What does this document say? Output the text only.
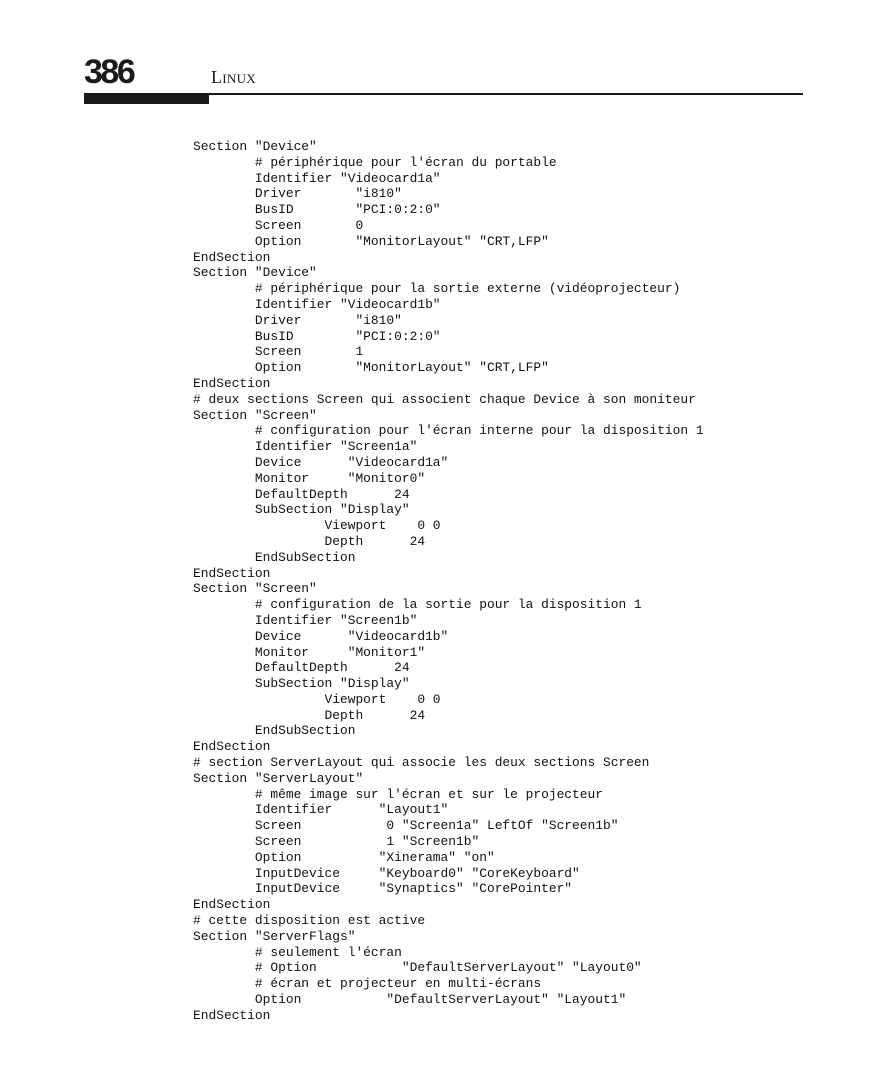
386	Linux
Section "Device"
# périphérique pour l'écran du portable
Identifier "Videocard1a"
Driver       "i810"
BusID        "PCI:0:2:0"
Screen       0
Option       "MonitorLayout" "CRT,LFP"
EndSection
Section "Device"
# périphérique pour la sortie externe (vidéoprojecteur)
Identifier "Videocard1b"
Driver       "i810"
BusID        "PCI:0:2:0"
Screen       1
Option       "MonitorLayout" "CRT,LFP"
EndSection
# deux sections Screen qui associent chaque Device à son moniteur
Section "Screen"
# configuration pour l'écran interne pour la disposition 1
Identifier "Screen1a"
Device      "Videocard1a"
Monitor     "Monitor0"
DefaultDepth      24
SubSection "Display"
Viewport    0 0
Depth      24
EndSubSection
EndSection
Section "Screen"
# configuration de la sortie pour la disposition 1
Identifier "Screen1b"
Device      "Videocard1b"
Monitor     "Monitor1"
DefaultDepth      24
SubSection "Display"
Viewport    0 0
Depth      24
EndSubSection
EndSection
# section ServerLayout qui associe les deux sections Screen
Section "ServerLayout"
# même image sur l'écran et sur le projecteur
Identifier      "Layout1"
Screen           0 "Screen1a" LeftOf "Screen1b"
Screen           1 "Screen1b"
Option          "Xinerama" "on"
InputDevice     "Keyboard0" "CoreKeyboard"
InputDevice     "Synaptics" "CorePointer"
EndSection
# cette disposition est active
Section "ServerFlags"
# seulement l'écran
# Option           "DefaultServerLayout" "Layout0"
# écran et projecteur en multi-écrans
Option           "DefaultServerLayout" "Layout1"
EndSection
